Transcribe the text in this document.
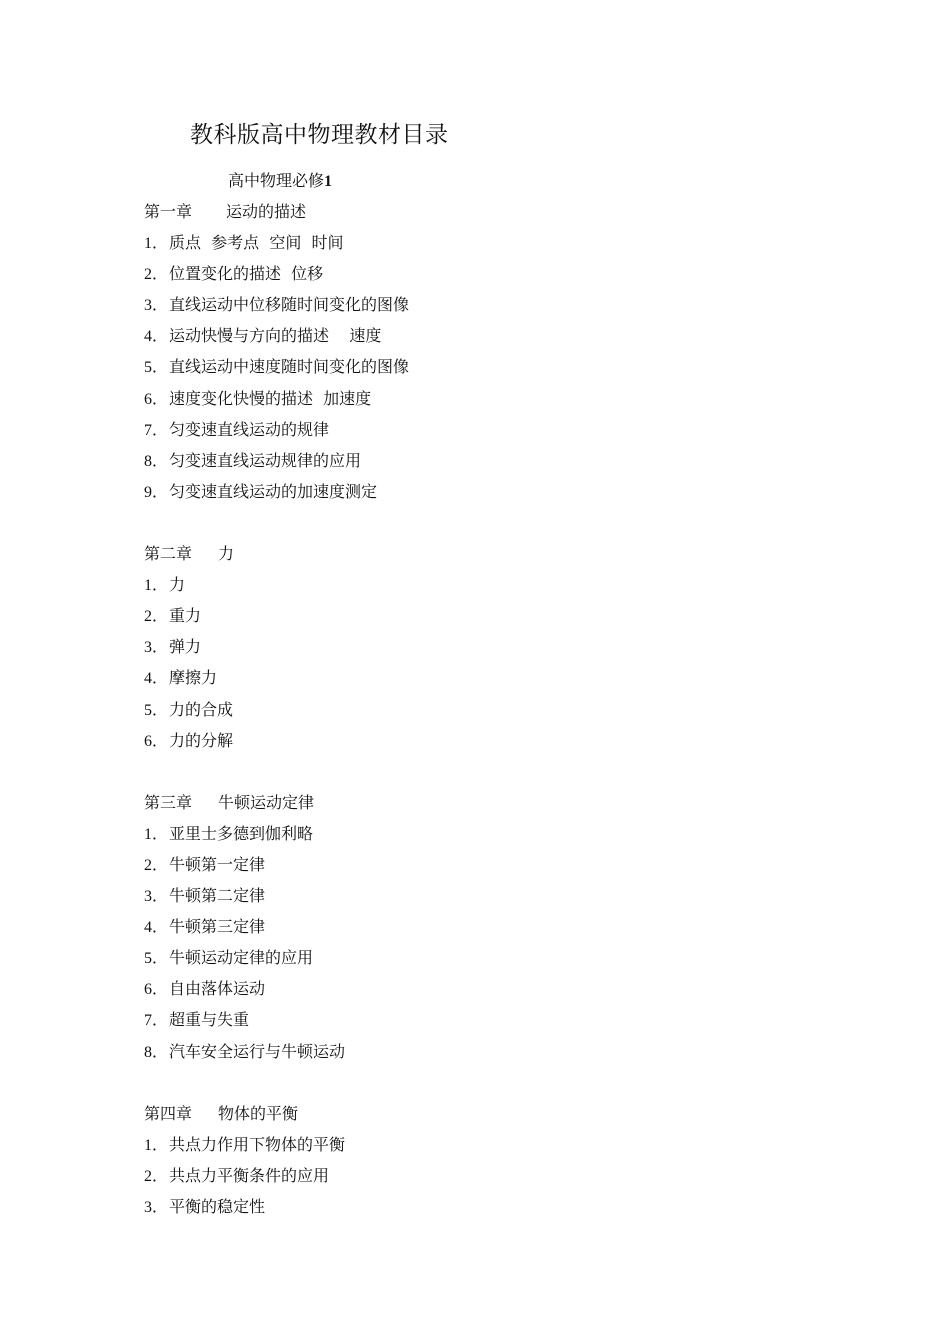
教科版高中物理教材目录
高中物理必修1
第一章 运动的描述
1．质点  参考点  空间  时间
2．位置变化的描述  位移
3．直线运动中位移随时间变化的图像
4．运动快慢与方向的描述    速度
5．直线运动中速度随时间变化的图像
6．速度变化快慢的描述  加速度
7．匀变速直线运动的规律
8．匀变速直线运动规律的应用
9．匀变速直线运动的加速度测定
第二章 力
1．力
2．重力
3．弹力
4．摩擦力
5．力的合成
6．力的分解
第三章 牛顿运动定律
1．亚里士多德到伽利略
2．牛顿第一定律
3．牛顿第二定律
4．牛顿第三定律
5．牛顿运动定律的应用
6．自由落体运动
7．超重与失重
8．汽车安全运行与牛顿运动
第四章 物体的平衡
1．共点力作用下物体的平衡
2．共点力平衡条件的应用
3．平衡的稳定性
